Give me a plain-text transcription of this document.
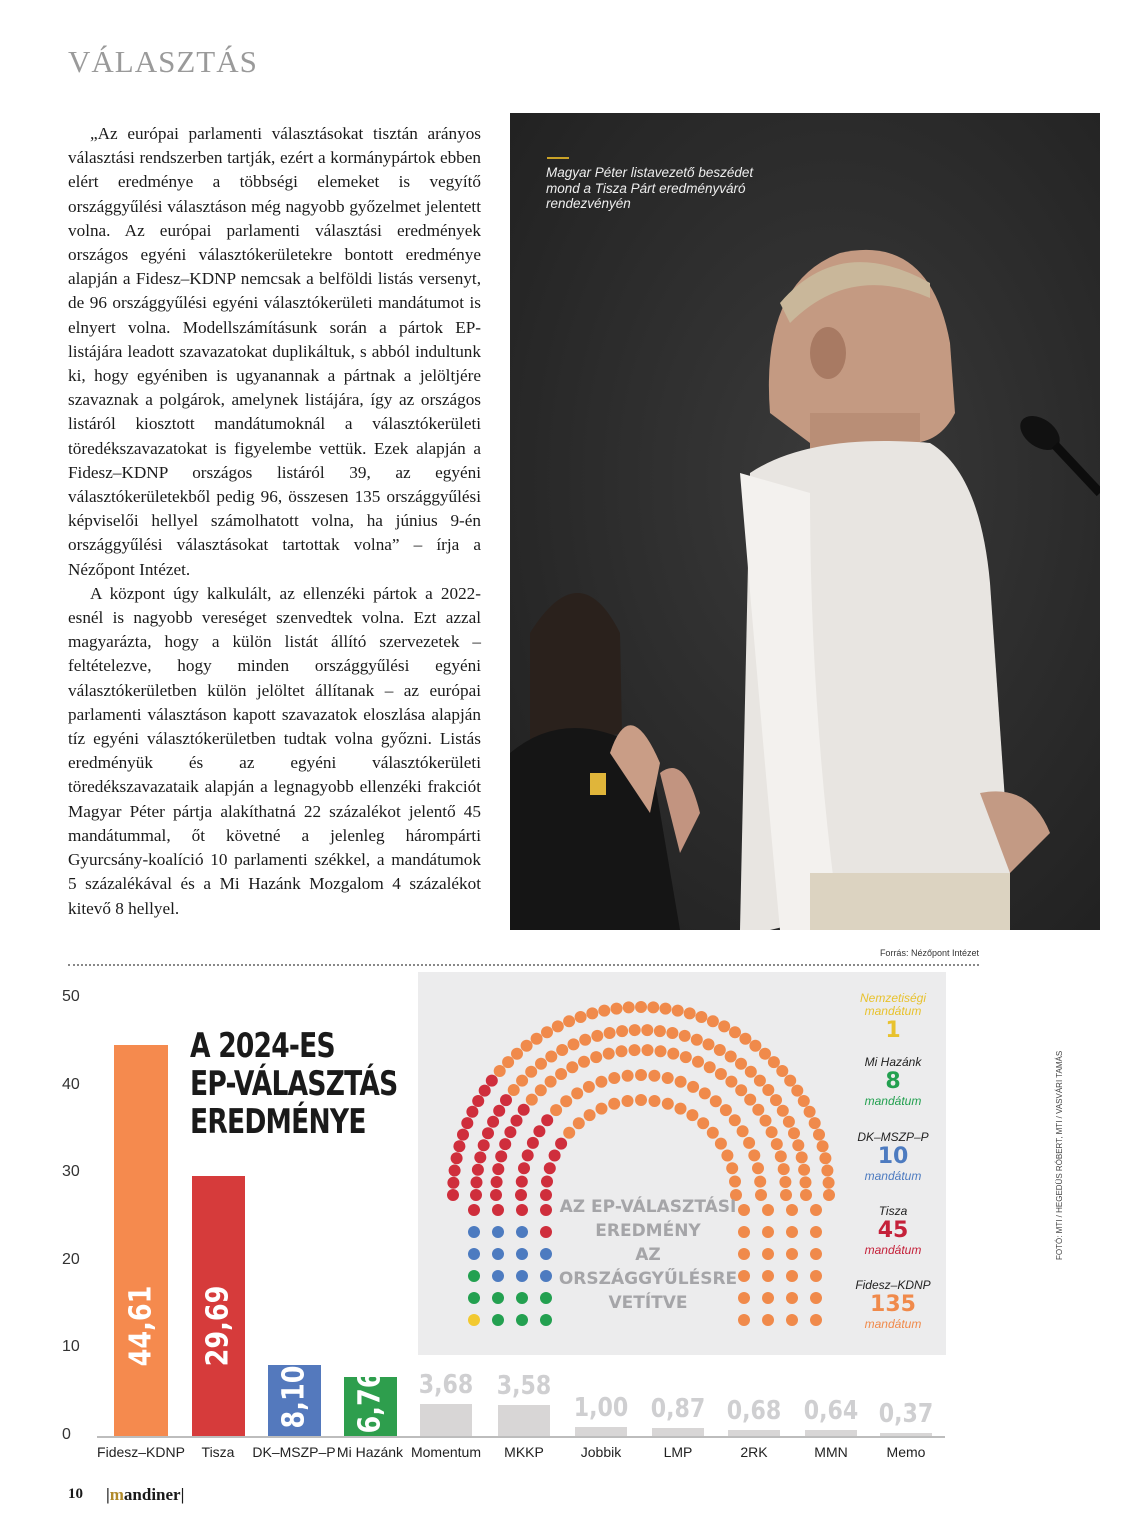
VÁLASZTÁS

„Az európai parlamenti választásokat tisztán arányos választási rendszerben tartják, ezért a kormánypártok ebben elért eredménye a többségi elemeket is vegyítő országgyűlési választáson még nagyobb győzelmet jelentett volna. Az európai parlamenti választási eredmények országos egyéni választókerületekre bontott eredménye alapján a Fidesz–KDNP nemcsak a belföldi listás versenyt, de 96 országgyűlési egyéni választókerületi mandátumot is elnyert volna. Modellszámításunk során a pártok EP-listájára leadott szavazatokat duplikáltuk, s abból indultunk ki, hogy egyéniben is ugyanannak a pártnak a jelöltjére szavaznak a polgárok, amelynek listájára, így az országos listáról kiosztott mandátumoknál a választókerületi töredékszavazatokat is figyelembe vettük. Ezek alapján a Fidesz–KDNP országos listáról 39, az egyéni választókerületekből pedig 96, összesen 135 országgyűlési képviselői hellyel számolhatott volna, ha június 9-én országgyűlési választásokat tartottak volna” – írja a Nézőpont Intézet.

A központ úgy kalkulált, az ellenzéki pártok a 2022-esnél is nagyobb vereséget szenvedtek volna. Ezt azzal magyarázta, hogy a külön listát állító szervezetek – feltételezve, hogy minden országgyűlési egyéni választókerületben külön jelöltet állítanak – az európai parlamenti választáson kapott szavazatok eloszlása alapján tíz egyéni választókerületben tudtak volna győzni. Listás eredményük és az egyéni választókerületi töredékszavazataik alapján a legnagyobb ellenzéki frakciót Magyar Péter pártja alakíthatná 22 százalékot jelentő 45 mandátummal, őt követné a jelenleg hárompárti Gyurcsány-koalíció 10 parlamenti székkel, a mandátumok 5 százalékával és a Mi Hazánk Mozgalom 4 százalékot kitevő 8 hellyel.

Magyar Péter listavezető beszédet mond a Tisza Párt eredményváró rendezvényén
Forrás: Nézőpont Intézet
AZ EP-VÁLASZTÁSI
EREDMÉNY
AZ ORSZÁGGYŰLÉSRE
VETÍTVE
Nemzetiségi
mandátum
1
Mi Hazánk
8
mandátum
DK–MSZP–P
10
mandátum
Tisza
45
mandátum
Fidesz–KDNP
135
mandátum
A 2024-ES
EP-VÁLASZTÁS
EREDMÉNYE
0
10
20
30
40
50
44,61
Fidesz–KDNP
29,69
Tisza
8,10
DK–MSZP–P
6,76
Mi Hazánk
3,68
Momentum
3,58
MKKP
1,00
Jobbik
0,87
LMP
0,68
2RK
0,64
MMN
0,37
Memo
FOTÓ: MTI / HEGEDÜS RÓBERT, MTI / VASVÁRI TAMÁS
10 |mandiner|
